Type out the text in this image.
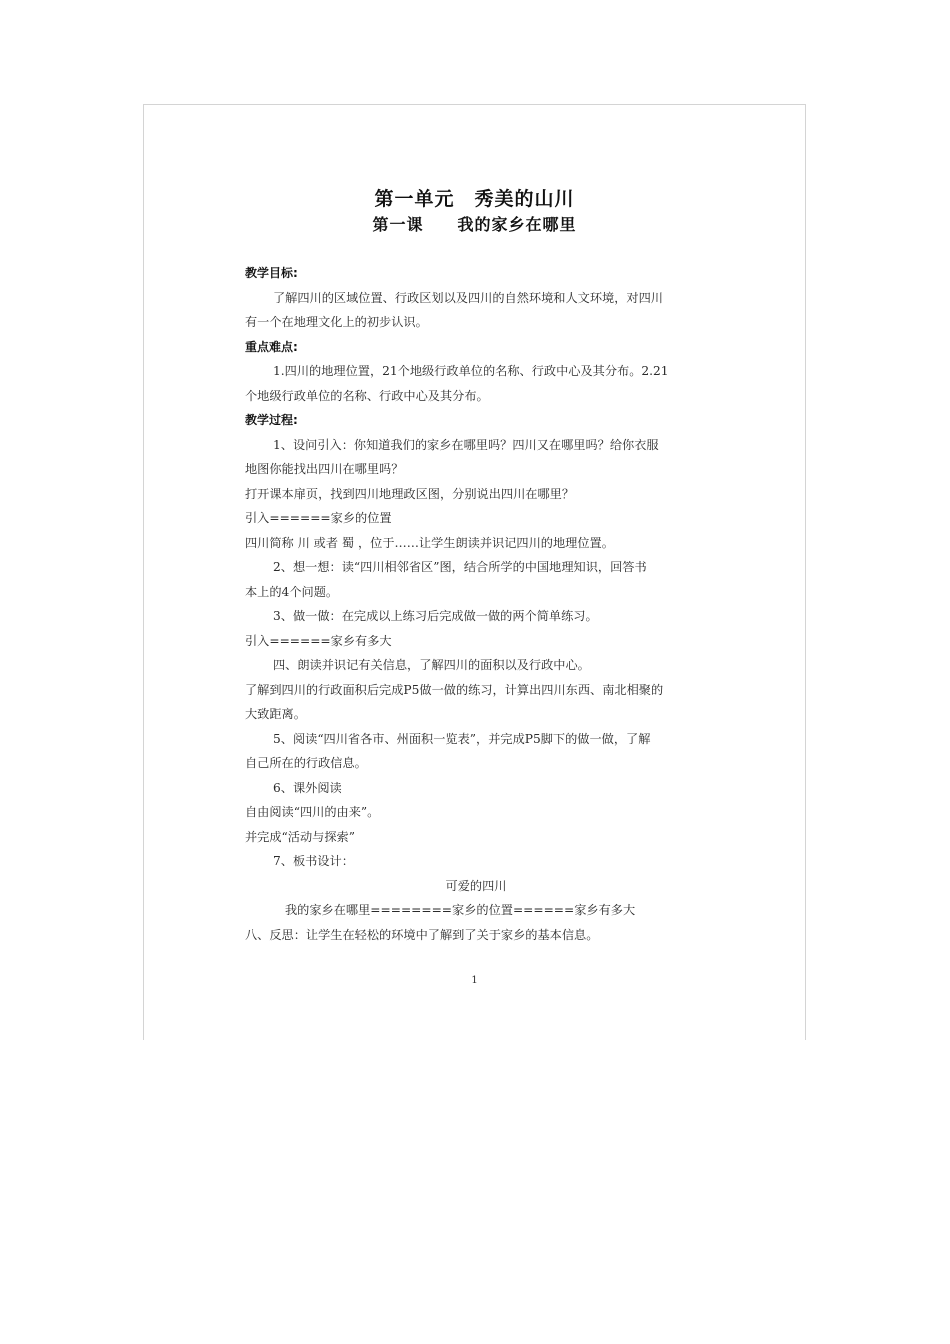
第一单元　秀美的山川
第一课　　我的家乡在哪里

教学目标:

了解四川的区域位置、行政区划以及四川的自然环境和人文环境，对四川

有一个在地理文化上的初步认识。

重点难点:

1.四川的地理位置，21个地级行政单位的名称、行政中心及其分布。2.21

个地级行政单位的名称、行政中心及其分布。

教学过程:

1、设问引入：你知道我们的家乡在哪里吗？四川又在哪里吗？给你衣服

地图你能找出四川在哪里吗？

打开课本扉页，找到四川地理政区图，分别说出四川在哪里？

引入======家乡的位置

四川简称 川 或者 蜀 ，位于……让学生朗读并识记四川的地理位置。

2、想一想：读“四川相邻省区”图，结合所学的中国地理知识，回答书

本上的4个问题。

3、做一做：在完成以上练习后完成做一做的两个简单练习。

引入======家乡有多大

四、朗读并识记有关信息，了解四川的面积以及行政中心。

了解到四川的行政面积后完成P5做一做的练习，计算出四川东西、南北相聚的

大致距离。

5、阅读“四川省各市、州面积一览表”，并完成P5脚下的做一做，了解

自己所在的行政信息。

6、课外阅读

自由阅读“四川的由来”。

并完成“活动与探索”

7、板书设计：

可爱的四川

我的家乡在哪里========家乡的位置======家乡有多大

八、反思：让学生在轻松的环境中了解到了关于家乡的基本信息。

1
